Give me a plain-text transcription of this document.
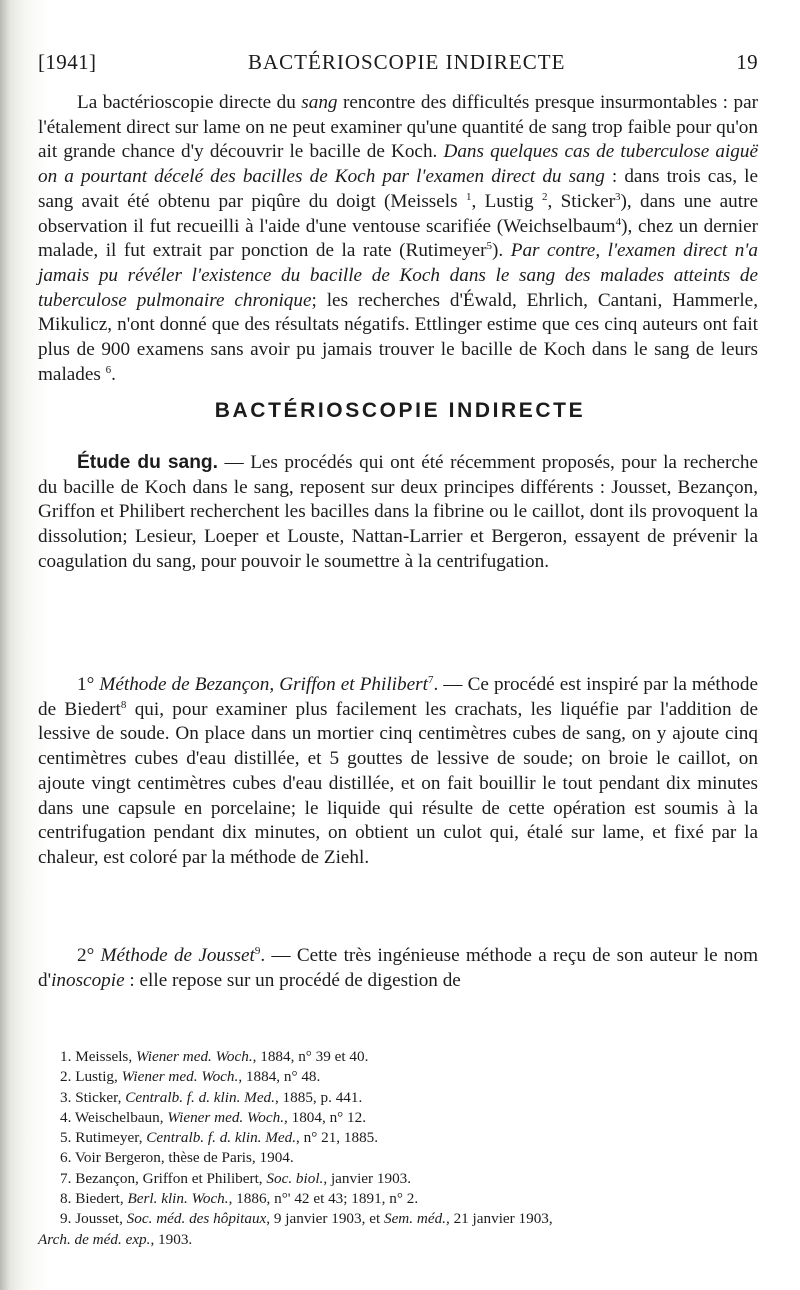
[1941]	BACTÉRIOSCOPIE INDIRECTE	19

La bactérioscopie directe du sang rencontre des difficultés presque insurmontables : par l'étalement direct sur lame on ne peut examiner qu'une quantité de sang trop faible pour qu'on ait grande chance d'y découvrir le bacille de Koch. Dans quelques cas de tuberculose aiguë on a pourtant décelé des bacilles de Koch par l'examen direct du sang : dans trois cas, le sang avait été obtenu par piqûre du doigt (Meissels $^1$, Lustig $^2$, Sticker$^3$), dans une autre observation il fut recueilli à l'aide d'une ventouse scarifiée (Weichselbaum$^4$), chez un dernier malade, il fut extrait par ponction de la rate (Rutimeyer$^5$). Par contre, l'examen direct n'a jamais pu révéler l'existence du bacille de Koch dans le sang des malades atteints de tuberculose pulmonaire chronique; les recherches d'Éwald, Ehrlich, Cantani, Hammerle, Mikulicz, n'ont donné que des résultats négatifs. Ettlinger estime que ces cinq auteurs ont fait plus de 900 examens sans avoir pu jamais trouver le bacille de Koch dans le sang de leurs malades $^6$.

BACTÉRIOSCOPIE INDIRECTE

Étude du sang. — Les procédés qui ont été récemment proposés, pour la recherche du bacille de Koch dans le sang, reposent sur deux principes différents : Jousset, Bezançon, Griffon et Philibert recherchent les bacilles dans la fibrine ou le caillot, dont ils provoquent la dissolution; Lesieur, Loeper et Louste, Nattan-Larrier et Bergeron, essayent de prévenir la coagulation du sang, pour pouvoir le soumettre à la centrifugation.

1° Méthode de Bezançon, Griffon et Philibert$^7$. — Ce procédé est inspiré par la méthode de Biedert$^8$ qui, pour examiner plus facilement les crachats, les liquéfie par l'addition de lessive de soude. On place dans un mortier cinq centimètres cubes de sang, on y ajoute cinq centimètres cubes d'eau distillée, et 5 gouttes de lessive de soude; on broie le caillot, on ajoute vingt centimètres cubes d'eau distillée, et on fait bouillir le tout pendant dix minutes dans une capsule en porcelaine; le liquide qui résulte de cette opération est soumis à la centrifugation pendant dix minutes, on obtient un culot qui, étalé sur lame, et fixé par la chaleur, est coloré par la méthode de Ziehl.

2° Méthode de Jousset$^9$. — Cette très ingénieuse méthode a reçu de son auteur le nom d'inoscopie : elle repose sur un procédé de digestion de

1. Meissels, Wiener med. Woch., 1884, n° 39 et 40.
2. Lustig, Wiener med. Woch., 1884, n° 48.
3. Sticker, Centralb. f. d. klin. Med., 1885, p. 441.
4. Weischelbaun, Wiener med. Woch., 1804, n° 12.
5. Rutimeyer, Centralb. f. d. klin. Med., n° 21, 1885.
6. Voir Bergeron, thèse de Paris, 1904.
7. Bezançon, Griffon et Philibert, Soc. biol., janvier 1903.
8. Biedert, Berl. klin. Woch., 1886, n°' 42 et 43; 1891, n° 2.
9. Jousset, Soc. méd. des hôpitaux, 9 janvier 1903, et Sem. méd., 21 janvier 1903,
Arch. de méd. exp., 1903.
